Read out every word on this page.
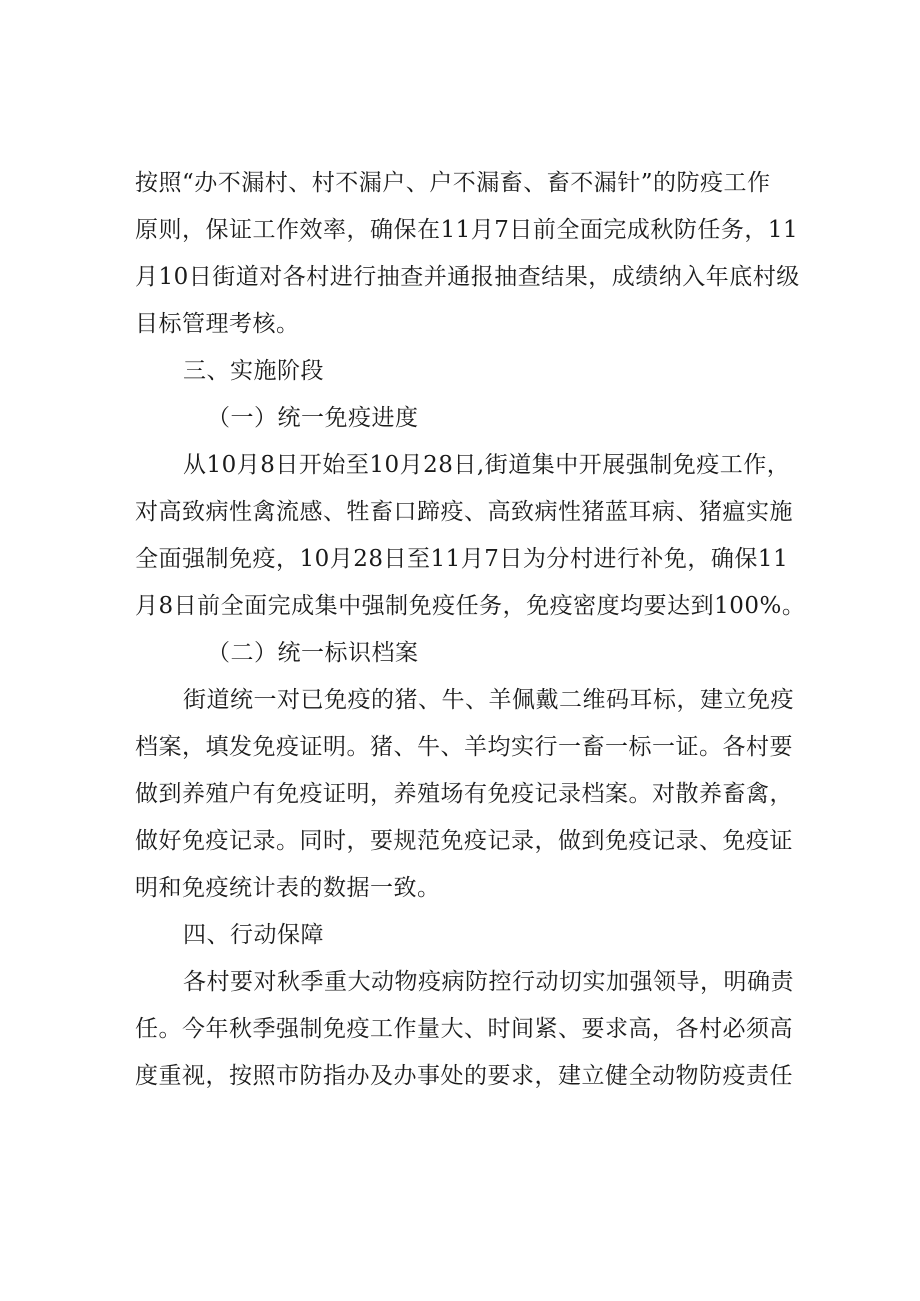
按照“办不漏村、村不漏户、户不漏畜、畜不漏针”的防疫工作
原则，保证工作效率，确保在11月7日前全面完成秋防任务，11
月10日街道对各村进行抽查并通报抽查结果，成绩纳入年底村级
目标管理考核。
三、实施阶段
（一）统一免疫进度
从10月8日开始至10月28日,街道集中开展强制免疫工作，
对高致病性禽流感、牲畜口蹄疫、高致病性猪蓝耳病、猪瘟实施
全面强制免疫，10月28日至11月7日为分村进行补免，确保11
月8日前全面完成集中强制免疫任务，免疫密度均要达到100%。
（二）统一标识档案
街道统一对已免疫的猪、牛、羊佩戴二维码耳标，建立免疫
档案，填发免疫证明。猪、牛、羊均实行一畜一标一证。各村要
做到养殖户有免疫证明，养殖场有免疫记录档案。对散养畜禽，
做好免疫记录。同时，要规范免疫记录，做到免疫记录、免疫证
明和免疫统计表的数据一致。
四、行动保障
各村要对秋季重大动物疫病防控行动切实加强领导，明确责
任。今年秋季强制免疫工作量大、时间紧、要求高，各村必须高
度重视，按照市防指办及办事处的要求，建立健全动物防疫责任
